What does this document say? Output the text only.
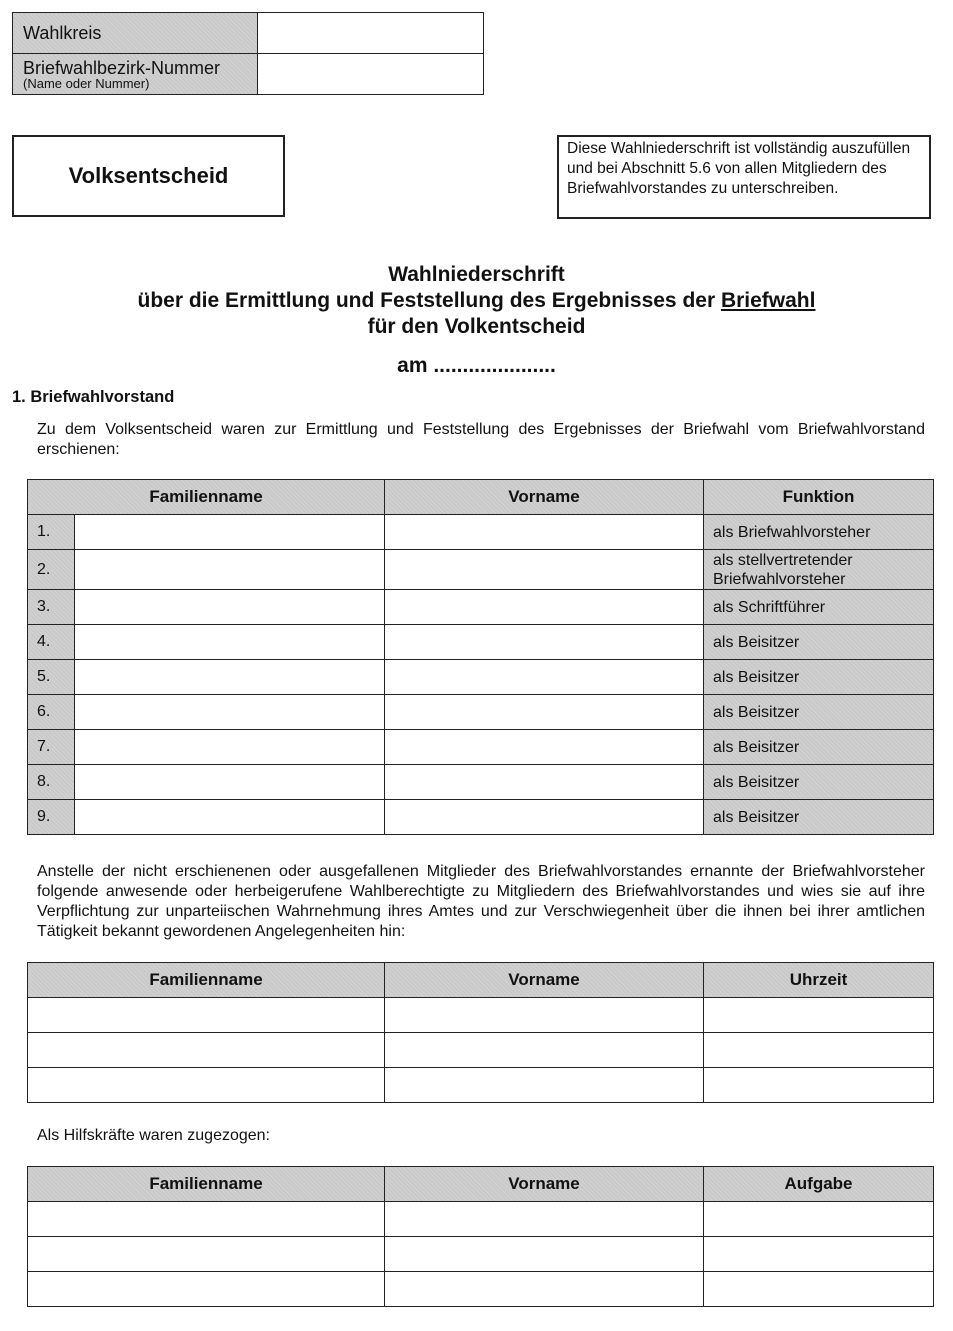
Wahlkreis	
Briefwahlbezirk-Nummer
(Name oder Nummer)	

Volksentscheid
Diese Wahlniederschrift ist vollständig auszufüllen und bei Abschnitt 5.6 von allen Mitgliedern des Briefwahlvorstandes zu unterschreiben.
Wahlniederschrift
über die Ermittlung und Feststellung des Ergebnisses der Briefwahl
für den Volkentscheid
am .....................
1. Briefwahlvorstand
Zu dem Volksentscheid waren zur Ermittlung und Feststellung des Ergebnisses der Briefwahl vom Briefwahlvorstand erschienen:
Familienname		Vorname	Funktion
1.			als Briefwahlvorsteher
2.			als stellvertretender Briefwahlvorsteher
3.			als Schriftführer
4.			als Beisitzer
5.			als Beisitzer
6.			als Beisitzer
7.			als Beisitzer
8.			als Beisitzer
9.			als Beisitzer
Anstelle der nicht erschienenen oder ausgefallenen Mitglieder des Briefwahlvorstandes ernannte der Briefwahlvorsteher folgende anwesende oder herbeigerufene Wahlberechtigte zu Mitgliedern des Briefwahlvorstandes und wies sie auf ihre Verpflichtung zur unparteiischen Wahrnehmung ihres Amtes und zur Verschwiegenheit über die ihnen bei ihrer amtlichen Tätigkeit bekannt gewordenen Angelegenheiten hin:
Familienname	Vorname	Uhrzeit

Als Hilfskräfte waren zugezogen:
Familienname	Vorname	Aufgabe
